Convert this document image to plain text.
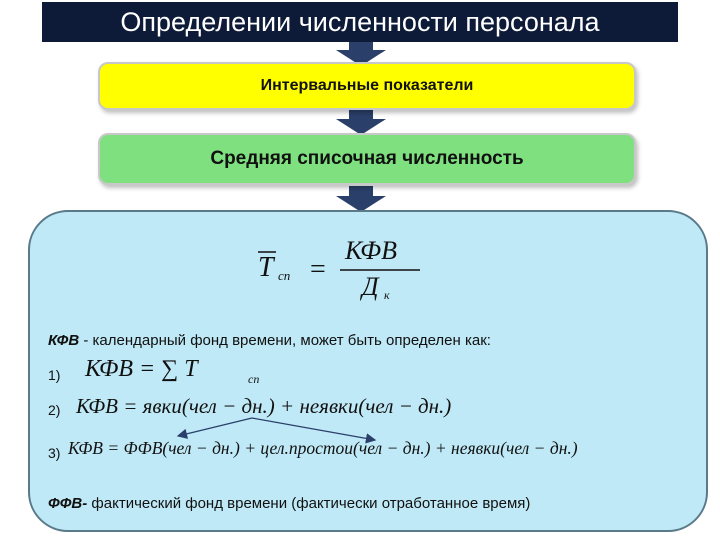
Определении численности персонала
Интервальные показатели
Средняя списочная численность
T сп =
КФВ
Д к
КФВ - календарный фонд времени, может быть определен как:
1) КФВ = ∑ T	сп
2) КФВ = явки(чел − дн.) + неявки(чел − дн.)
3) КФВ = ФФВ(чел − дн.) + цел.простои(чел − дн.) + неявки(чел − дн.)
ФФВ- фактический фонд времени (фактически отработанное время)
